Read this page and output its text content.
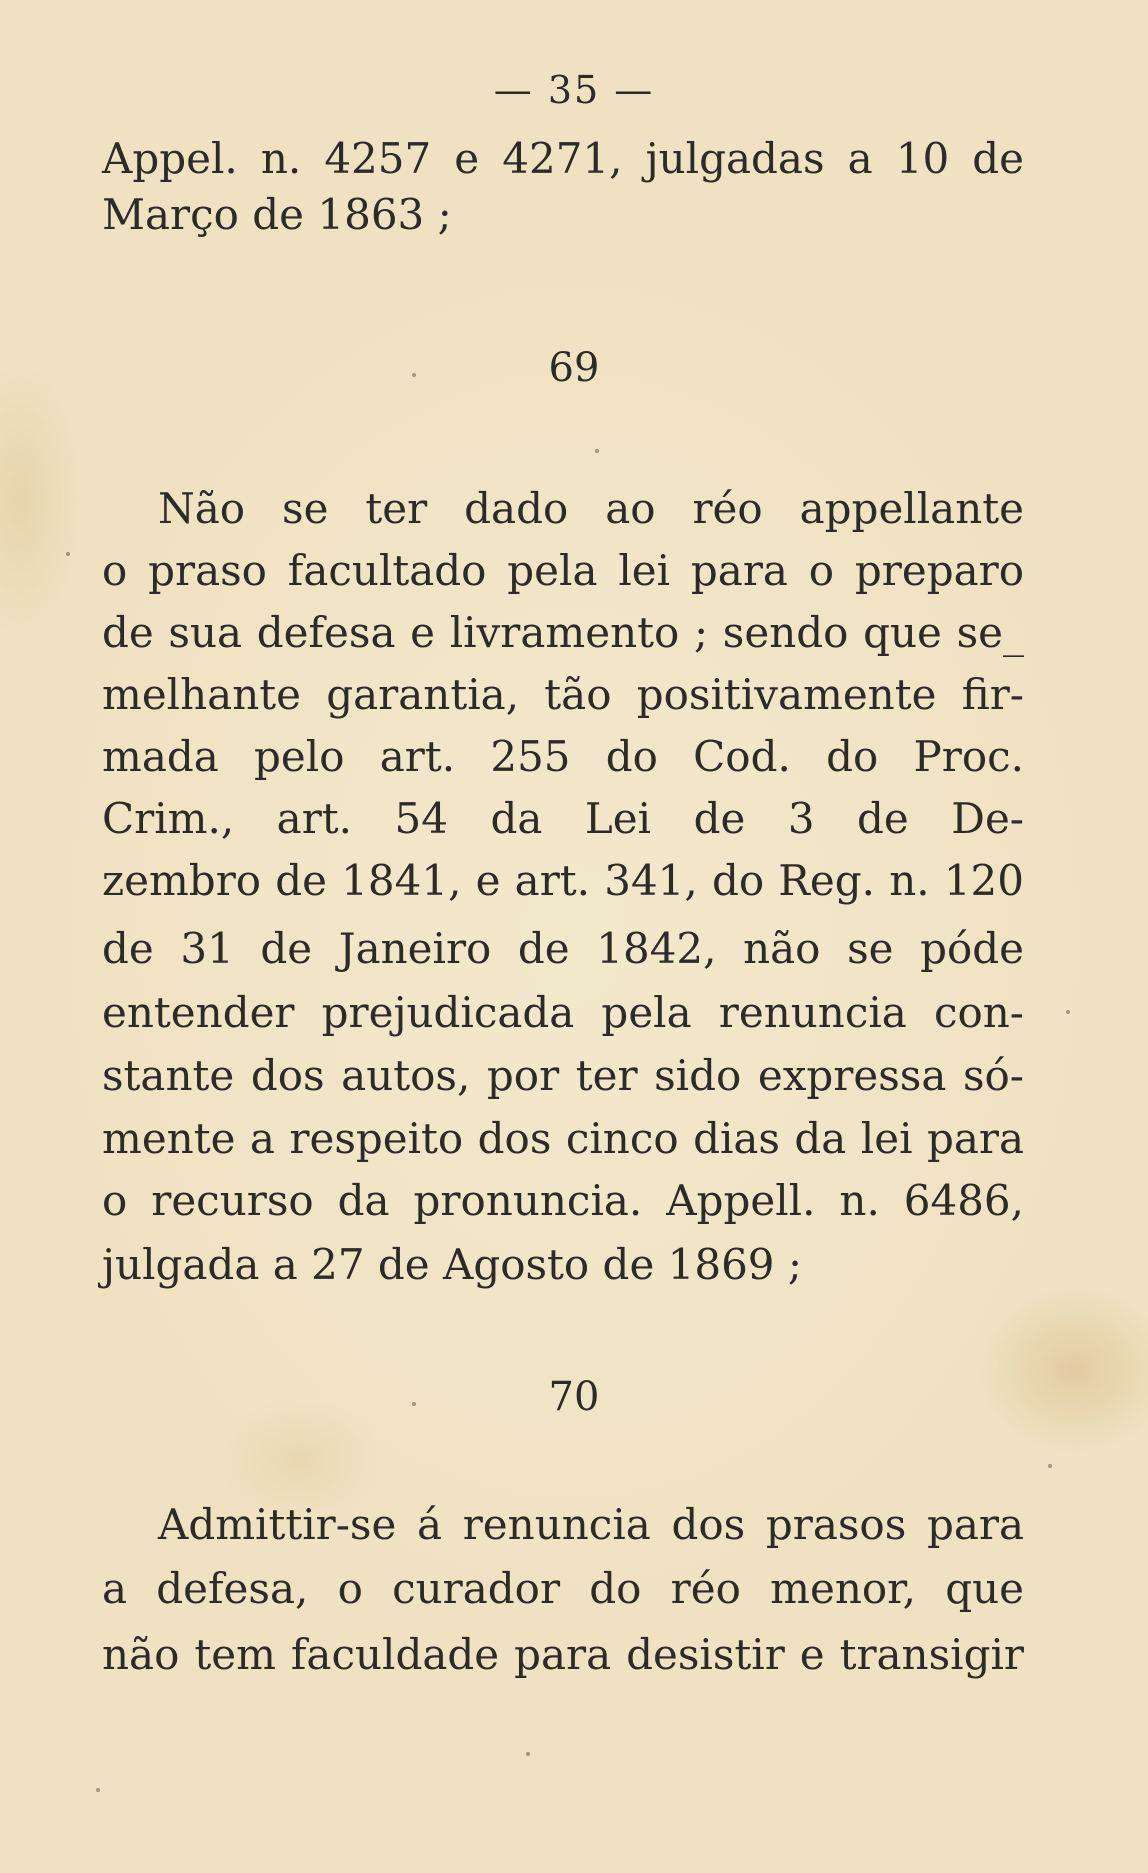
— 35 —
Appel. n. 4257 e 4271, julgadas a 10 de
Março de 1863 ;
69
Não se ter dado ao réo appellante
o praso facultado pela lei para o preparo
de sua defesa e livramento ; sendo que se_
melhante garantia, tão positivamente fir-
mada pelo art. 255 do Cod. do Proc.
Crim., art. 54 da Lei de 3 de De-
zembro de 1841, e art. 341, do Reg. n. 120
de 31 de Janeiro de 1842, não se póde
entender prejudicada pela renuncia con-
stante dos autos, por ter sido expressa só-
mente a respeito dos cinco dias da lei para
o recurso da pronuncia. Appell. n. 6486,
julgada a 27 de Agosto de 1869 ;
70
Admittir-se á renuncia dos prasos para
a defesa, o curador do réo menor, que
não tem faculdade para desistir e transigir
